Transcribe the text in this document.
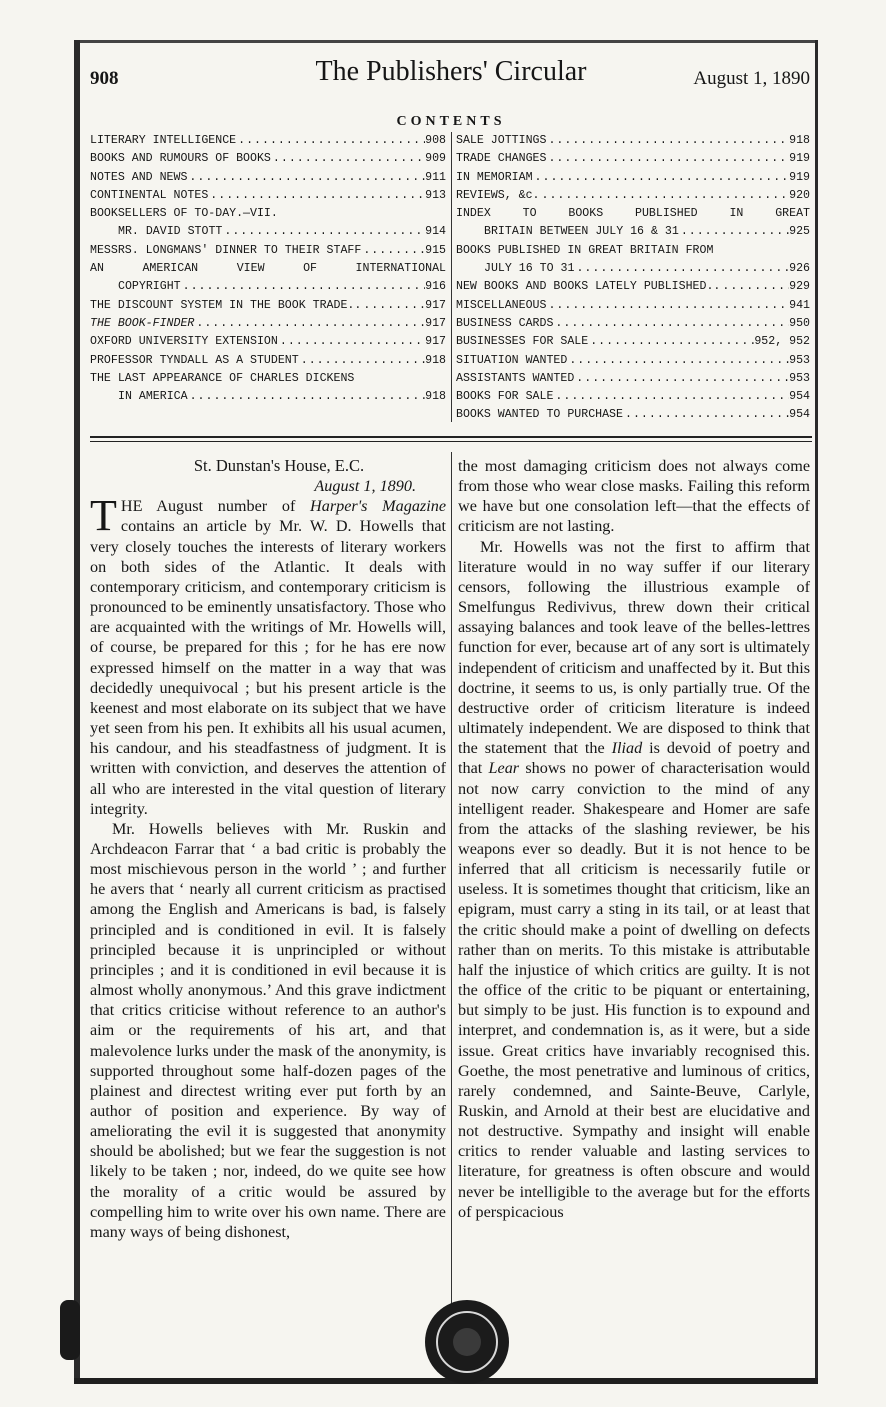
908	The Publishers' Circular	August 1, 1890
CONTENTS
LITERARY INTELLIGENCE .....	908
BOOKS AND RUMOURS OF BOOKS .....	909
NOTES AND NEWS .....	911
CONTINENTAL NOTES .....	913
BOOKSELLERS OF TO-DAY.—VII.
MR. DAVID STOTT .....	914
MESSRS. LONGMANS' DINNER TO THEIR STAFF .....	915
AN AMERICAN VIEW OF INTERNATIONAL
COPYRIGHT .....	916
THE DISCOUNT SYSTEM IN THE BOOK TRADE.. .....	917
THE BOOK-FINDER .....	917
OXFORD UNIVERSITY EXTENSION .....	917
PROFESSOR TYNDALL AS A STUDENT .....	918
THE LAST APPEARANCE OF CHARLES DICKENS
IN AMERICA .....	918
SALE JOTTINGS .....	918
TRADE CHANGES .....	919
IN MEMORIAM .....	919
REVIEWS, &c. .....	920
INDEX TO BOOKS PUBLISHED IN GREAT
BRITAIN BETWEEN JULY 16 & 31 .....	925
BOOKS PUBLISHED IN GREAT BRITAIN FROM
JULY 16 TO 31 .....	926
NEW BOOKS AND BOOKS LATELY PUBLISHED.. .....	929
MISCELLANEOUS .....	941
BUSINESS CARDS .....	950
BUSINESSES FOR SALE .....	952, 952
SITUATION WANTED .....	953
ASSISTANTS WANTED .....	953
BOOKS FOR SALE .....	954
BOOKS WANTED TO PURCHASE .....	954

St. Dunstan's House, E.C.

August 1, 1890.

THE August number of Harper's Magazine contains an article by Mr. W. D. Howells that very closely touches the interests of literary workers on both sides of the Atlantic. It deals with contemporary criticism, and contemporary criticism is pronounced to be eminently unsatisfactory. Those who are acquainted with the writings of Mr. Howells will, of course, be prepared for this ; for he has ere now expressed himself on the matter in a way that was decidedly unequivocal ; but his present article is the keenest and most elaborate on its subject that we have yet seen from his pen. It exhibits all his usual acumen, his candour, and his steadfastness of judgment. It is written with conviction, and deserves the attention of all who are interested in the vital question of literary integrity.

Mr. Howells believes with Mr. Ruskin and Archdeacon Farrar that ‘ a bad critic is probably the most mischievous person in the world ’ ; and further he avers that ‘ nearly all current criticism as practised among the English and Americans is bad, is falsely principled and is conditioned in evil. It is falsely principled because it is unprincipled or without principles ; and it is conditioned in evil because it is almost wholly anonymous.’ And this grave indictment that critics criticise without reference to an author's aim or the requirements of his art, and that malevolence lurks under the mask of the anonymity, is supported throughout some half-dozen pages of the plainest and directest writing ever put forth by an author of position and experience. By way of ameliorating the evil it is suggested that anonymity should be abolished; but we fear the suggestion is not likely to be taken ; nor, indeed, do we quite see how the morality of a critic would be assured by compelling him to write over his own name. There are many ways of being dishonest,

the most damaging criticism does not always come from those who wear close masks. Failing this reform we have but one consolation left—that the effects of criticism are not lasting.

Mr. Howells was not the first to affirm that literature would in no way suffer if our literary censors, following the illustrious example of Smelfungus Redivivus, threw down their critical assaying balances and took leave of the belles-lettres function for ever, because art of any sort is ultimately independent of criticism and unaffected by it. But this doctrine, it seems to us, is only partially true. Of the destructive order of criticism literature is indeed ultimately independent. We are disposed to think that the statement that the Iliad is devoid of poetry and that Lear shows no power of characterisation would not now carry conviction to the mind of any intelligent reader. Shakespeare and Homer are safe from the attacks of the slashing reviewer, be his weapons ever so deadly. But it is not hence to be inferred that all criticism is necessarily futile or useless. It is sometimes thought that criticism, like an epigram, must carry a sting in its tail, or at least that the critic should make a point of dwelling on defects rather than on merits. To this mistake is attributable half the injustice of which critics are guilty. It is not the office of the critic to be piquant or entertaining, but simply to be just. His function is to expound and interpret, and condemnation is, as it were, but a side issue. Great critics have invariably recognised this. Goethe, the most penetrative and luminous of critics, rarely condemned, and Sainte-Beuve, Carlyle, Ruskin, and Arnold at their best are elucidative and not destructive. Sympathy and insight will enable critics to render valuable and lasting services to literature, for greatness is often obscure and would never be intelligible to the average but for the efforts of perspicacious
